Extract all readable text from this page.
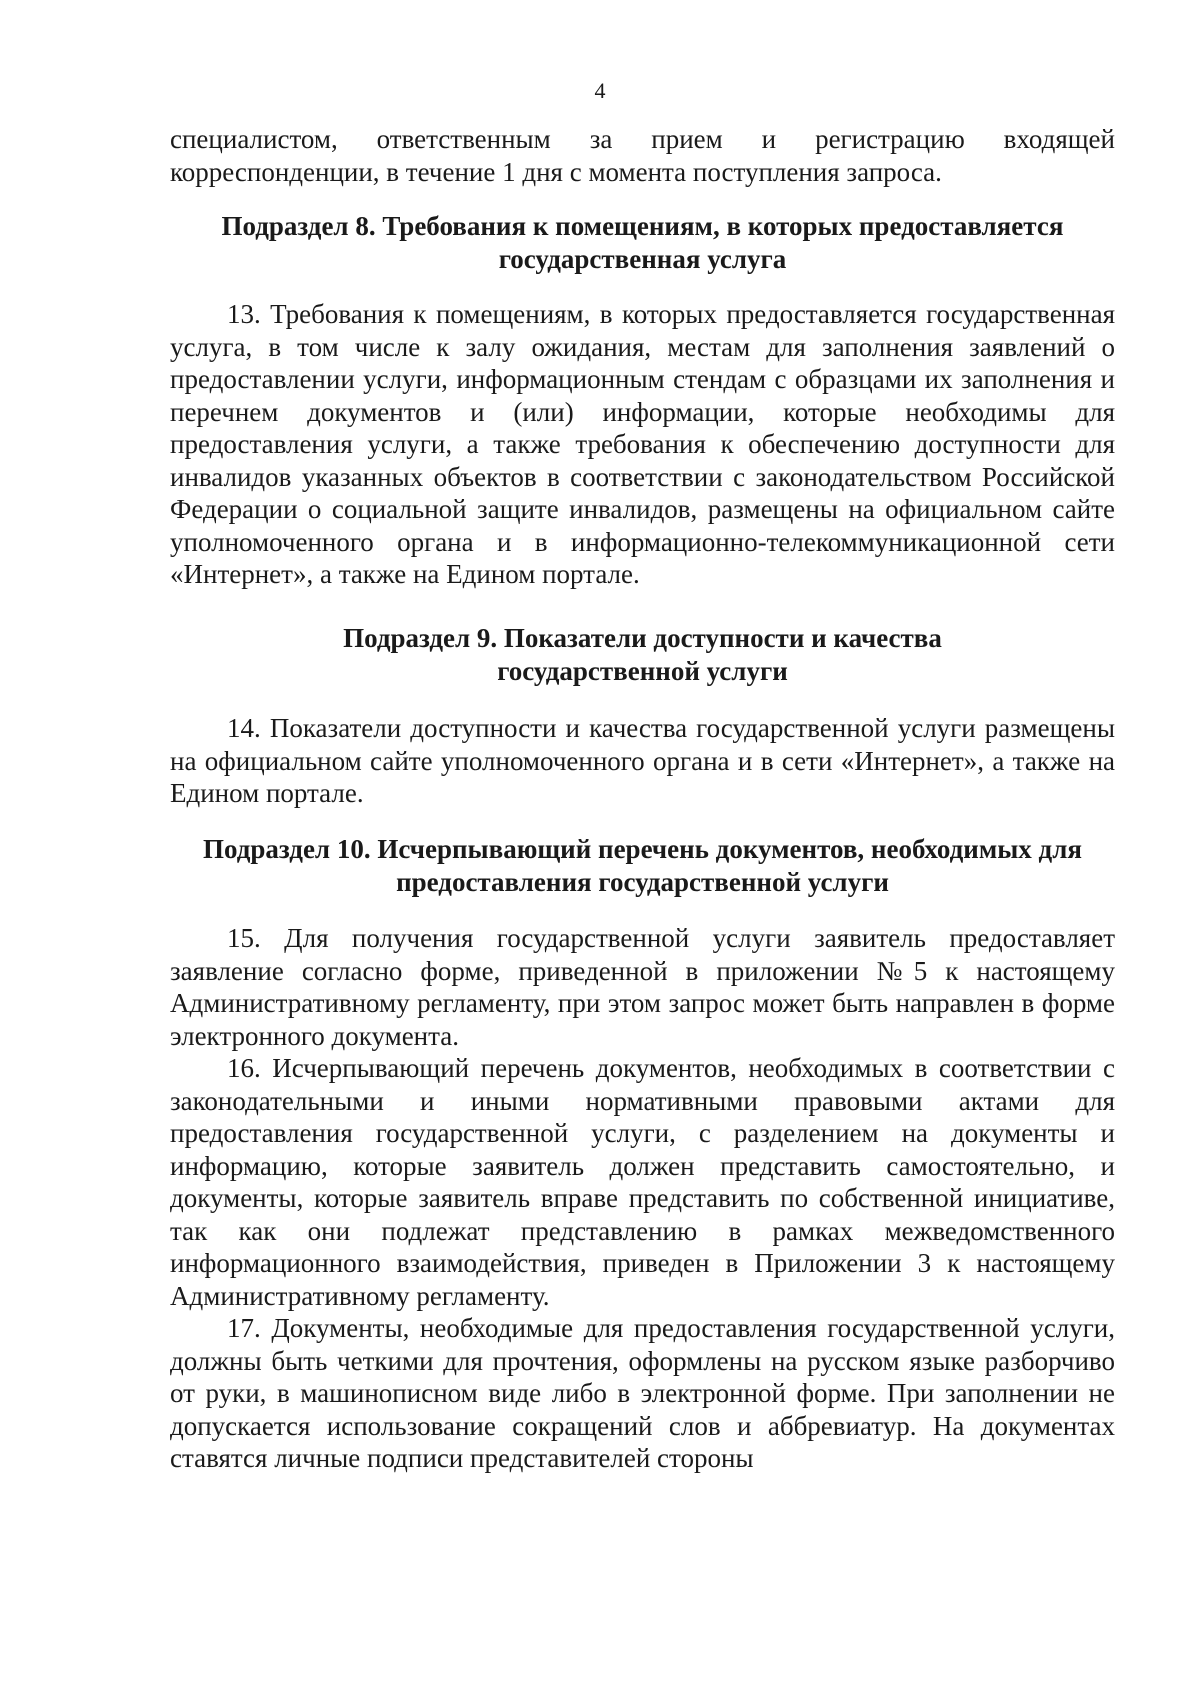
4

специалистом, ответственным за прием и регистрацию входящей

корреспонденции, в течение 1 дня с момента поступления запроса.

Подраздел 8. Требования к помещениям, в которых предоставляется
государственная услуга

13. Требования к помещениям, в которых предоставляется государственная услуга, в том числе к залу ожидания, местам для заполнения заявлений о предоставлении услуги, информационным стендам с образцами их заполнения и перечнем документов и (или) информации, которые необходимы для предоставления услуги, а также требования к обеспечению доступности для инвалидов указанных объектов в соответствии с законодательством Российской Федерации о социальной защите инвалидов, размещены на официальном сайте уполномоченного органа и в информационно-телекоммуникационной сети «Интернет», а также на Едином портале.

Подраздел 9. Показатели доступности и качества
государственной услуги

14. Показатели доступности и качества государственной услуги размещены на официальном сайте уполномоченного органа и в сети «Интернет», а также на Едином портале.

Подраздел 10. Исчерпывающий перечень документов, необходимых для
предоставления государственной услуги

15. Для получения государственной услуги заявитель предоставляет заявление согласно форме, приведенной в приложении №5 к настоящему Административному регламенту, при этом запрос может быть направлен в форме электронного документа.

16. Исчерпывающий перечень документов, необходимых в соответствии с законодательными и иными нормативными правовыми актами для предоставления государственной услуги, с разделением на документы и информацию, которые заявитель должен представить самостоятельно, и документы, которые заявитель вправе представить по собственной инициативе, так как они подлежат представлению в рамках межведомственного информационного взаимодействия, приведен в Приложении 3 к настоящему Административному регламенту.

17. Документы, необходимые для предоставления государственной услуги, должны быть четкими для прочтения, оформлены на русском языке разборчиво от руки, в машинописном виде либо в электронной форме. При заполнении не допускается использование сокращений слов и аббревиатур. На документах ставятся личные подписи представителей стороны
